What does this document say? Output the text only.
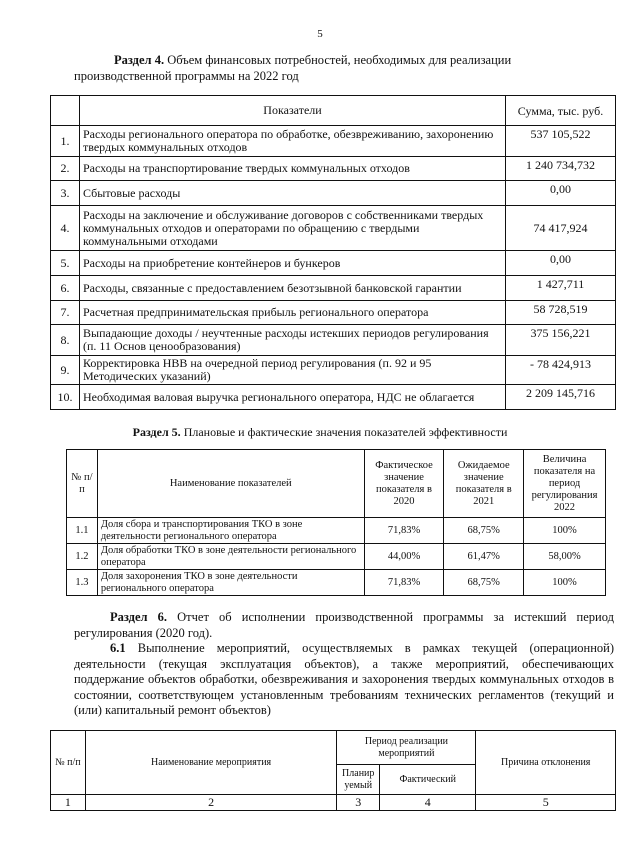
5
Раздел 4. Объем финансовых потребностей, необходимых для реализации производственной программы на 2022 год
	Показатели	Сумма, тыс. руб.
1.	Расходы регионального оператора по обработке, обезвреживанию, захоронению твердых коммунальных отходов	537 105,522
2.	Расходы на транспортирование твердых коммунальных отходов	1 240 734,732
3.	Сбытовые расходы	0,00
4.	Расходы на заключение и обслуживание договоров с собственниками твердых коммунальных отходов и операторами по обращению с твердыми коммунальными отходами	74 417,924
5.	Расходы на приобретение контейнеров и бункеров	0,00
6.	Расходы, связанные с предоставлением безотзывной банковской гарантии	1 427,711
7.	Расчетная предпринимательская прибыль регионального оператора	58 728,519
8.	Выпадающие доходы / неучтенные расходы истекших периодов регулирования (п. 11 Основ ценообразования)	375 156,221
9.	Корректировка НВВ на очередной период регулирования (п. 92 и 95 Методических указаний)	- 78 424,913
10.	Необходимая валовая выручка регионального оператора, НДС не облагается	2 209 145,716
Раздел 5. Плановые и фактические значения показателей эффективности
№ п/п	Наименование показателей	Фактическое значение показателя в 2020	Ожидаемое значение показателя в 2021	Величина показателя на период регулирования 2022
1.1	Доля сбора и транспортирования ТКО в зоне деятельности регионального оператора	71,83%	68,75%	100%
1.2	Доля обработки ТКО в зоне деятельности регионального оператора	44,00%	61,47%	58,00%
1.3	Доля захоронения ТКО в зоне деятельности регионального оператора	71,83%	68,75%	100%
Раздел 6. Отчет об исполнении производственной программы за истекший период регулирования (2020 год).
6.1 Выполнение мероприятий, осуществляемых в рамках текущей (операционной) деятельности (текущая эксплуатация объектов), а также мероприятий, обеспечивающих поддержание объектов обработки, обезвреживания и захоронения твердых коммунальных отходов в состоянии, соответствующем установленным требованиям технических регламентов (текущий и (или) капитальный ремонт объектов)
№ п/п	Наименование мероприятия	Период реализации мероприятий		Причина отклонения
		Планируемый	Фактический	
1	2	3	4	5
